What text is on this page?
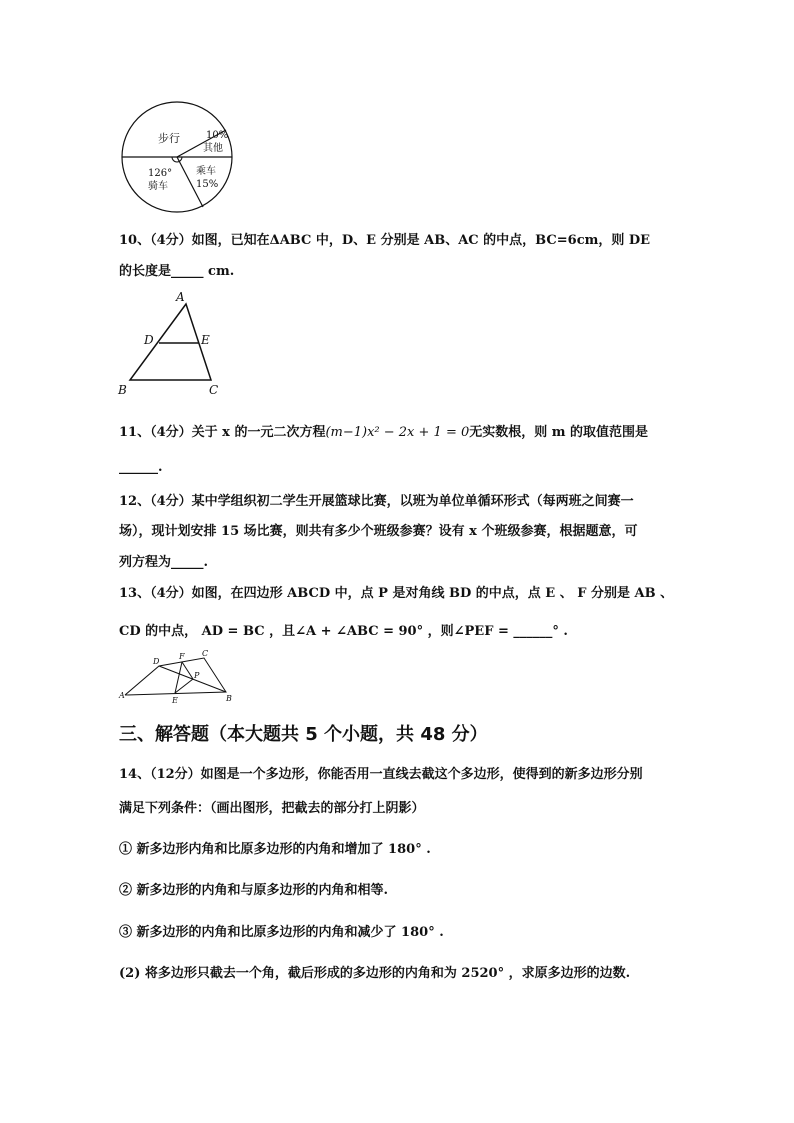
步行	10%
其他
126°
骑车
乘车
15%
10、（4分）如图，已知在ΔABC 中，D、E 分别是 AB、AC 的中点，BC=6cm，则 DE
的长度是_____ cm.
A
D	E
B	C
11、（4分）关于 x 的一元二次方程(m−1)x² − 2x + 1 = 0无实数根，则 m 的取值范围是
______.
12、（4分）某中学组织初二学生开展篮球比赛，以班为单位单循环形式（每两班之间赛一
场），现计划安排 15 场比赛，则共有多少个班级参赛？设有 x 个班级参赛，根据题意，可
列方程为_____.
13、（4分）如图，在四边形 ABCD 中，点 P 是对角线 BD 的中点，点 E 、 F 分别是 AB 、
CD 的中点， AD = BC ，且∠A + ∠ABC = 90° ，则∠PEF = ______° .
D
F C
P
A
E	B
三、解答题（本大题共 5 个小题，共 48 分）
14、（12分）如图是一个多边形，你能否用一直线去截这个多边形，使得到的新多边形分别
满足下列条件：（画出图形，把截去的部分打上阴影）
① 新多边形内角和比原多边形的内角和增加了 180° .
② 新多边形的内角和与原多边形的内角和相等.
③ 新多边形的内角和比原多边形的内角和减少了 180° .
(2) 将多边形只截去一个角，截后形成的多边形的内角和为 2520° ，求原多边形的边数.
